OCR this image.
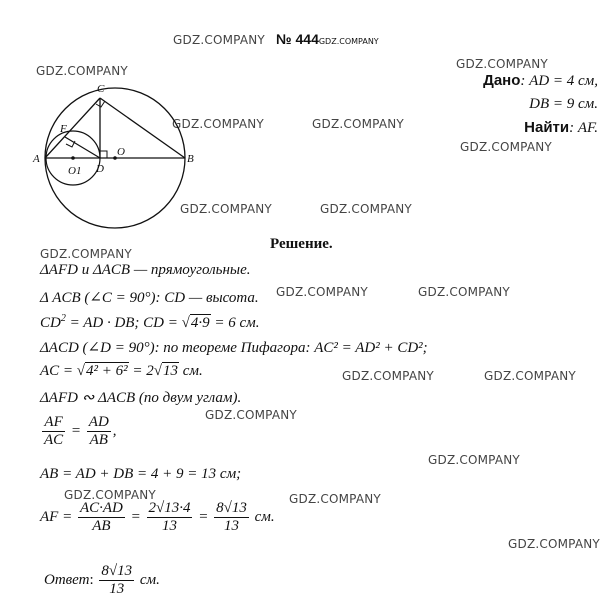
GDZ.COMPANY
GDZ.COMPANY	GDZ.COMPANY
GDZ.COMPANY	GDZ.COMPANY
GDZ.COMPANY
GDZ.COMPANY	GDZ.COMPANY
GDZ.COMPANY
GDZ.COMPANY	GDZ.COMPANY
GDZ.COMPANY	GDZ.COMPANY
GDZ.COMPANY
GDZ.COMPANY
GDZ.COMPANY	GDZ.COMPANY
GDZ.COMPANY
№ 444GDZ.COMPANY
Дано: AD = 4 см,
DB = 9 см.
Найти: AF.
C
F
O
A
O1 D
B
Решение.
ΔAFD и ΔACB — прямоугольные.
Δ ACB (∠C = 90°): CD — высота.
$CD^2$ = AD · DB; CD = √4·9 = 6 см.
ΔACD (∠D = 90°): по теореме Пифагора: AC² = AD² + CD²;
AC = √4² + 6² = 2√13 см.
ΔAFD ∾ ΔACB (по двум углам).
$\frac{AF}{AC} = \frac{AD}{AB}$ ,
AB = AD + DB = 4 + 9 = 13 см;
AF = $\frac{AC\cdot AD}{AB} = \frac{2√13\cdot 4}{13} = \frac{8√13}{13}$ см.
Ответ: $\frac{8√13}{13}$ см.
